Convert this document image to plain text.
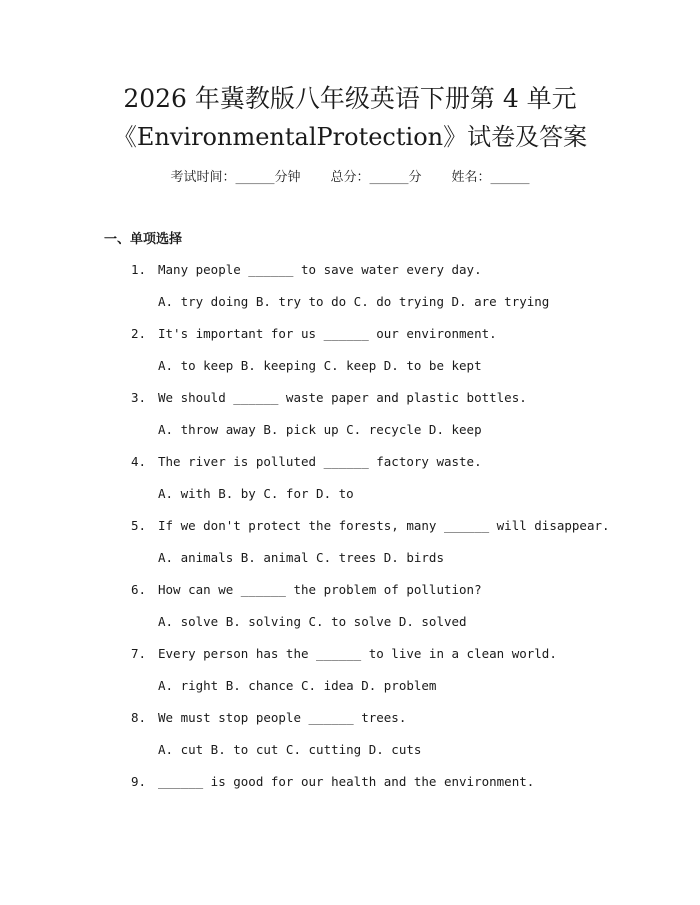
2026 年冀教版八年级英语下册第 4 单元
《EnvironmentalProtection》试卷及答案
考试时间：______分钟 总分：______分 姓名：______
一、单项选择
1. Many people ______ to save water every day.
A. try doing B. try to do C. do trying D. are trying
2. It's important for us ______ our environment.
A. to keep B. keeping C. keep D. to be kept
3. We should ______ waste paper and plastic bottles.
A. throw away B. pick up C. recycle D. keep
4. The river is polluted ______ factory waste.
A. with B. by C. for D. to
5. If we don't protect the forests, many ______ will disappear.
A. animals B. animal C. trees D. birds
6. How can we ______ the problem of pollution?
A. solve B. solving C. to solve D. solved
7. Every person has the ______ to live in a clean world.
A. right B. chance C. idea D. problem
8. We must stop people ______ trees.
A. cut B. to cut C. cutting D. cuts
9. ______ is good for our health and the environment.
